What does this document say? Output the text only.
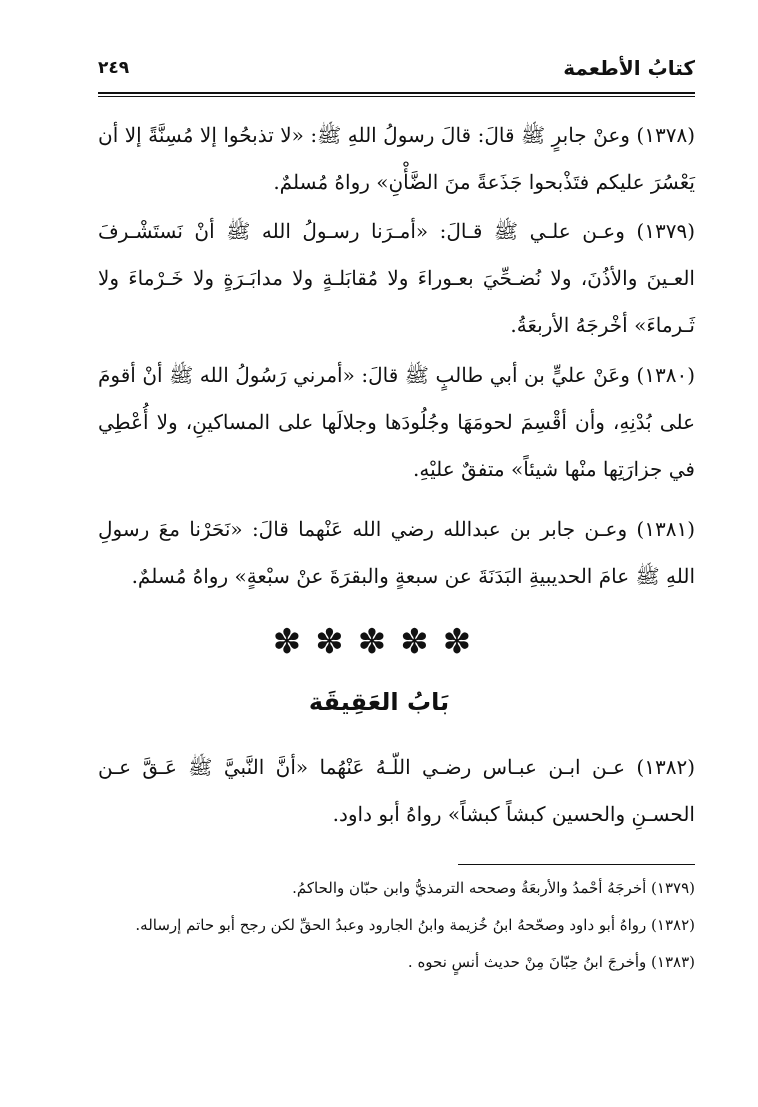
كتابُ الأطعمة
٢٤٩

(١٣٧٨) وعنْ جابرٍ ﷺ قالَ: قالَ رسولُ اللهِ ﷺ: «لا تذبحُوا إلا مُسِنَّةً إلا أن يَعْسُرَ عليكم فتَذْبحوا جَذَعةً منَ الضَّأْنِ» رواهُ مُسلمٌ.

(١٣٧٩) وعـن علـي ﷺ قـالَ: «أمـرَنا رسـولُ الله ﷺ أنْ نَستَشْـرفَ العـينَ والأذُنَ، ولا نُضـحِّيَ بعـوراءَ ولا مُقابَلـةٍ ولا مدابَـرَةٍ ولا خَـرْماءَ ولا ثَـرماءَ» أخْرجَهُ الأربعَةُ.

(١٣٨٠) وعَنْ عليٍّ بن أبي طالبٍ ﷺ قالَ: «أمرني رَسُولُ الله ﷺ أنْ أقومَ على بُدْنِهِ، وأن أقْسِمَ لحومَهَا وجُلُودَها وجلالَها على المساكينِ، ولا أُعْطِي في جزارَتِها منْها شيئاً» متفقٌ عليْهِ.

(١٣٨١) وعـن جابر بن عبدالله رضي الله عَنْهما قالَ: «نَحَرْنا معَ رسولِ اللهِ ﷺ عامَ الحديبيةِ البَدَنَةَ عن سبعةٍ والبقرَةَ عنْ سبْعةٍ» رواهُ مُسلمٌ.

✽✽✽✽✽
بَابُ العَقِيقَة

(١٣٨٢) عـن ابـن عبـاس رضـي اللّـهُ عَنْهُما «أنَّ النَّبيَّ ﷺ عَـقَّ عـن الحسـنِ والحسين كبشاً كبشاً» رواهُ أبو داود.

(١٣٧٩) أخرجَهُ أحْمدُ والأربعَةُ وصححه الترمذيُّ وابن حبّان والحاكمُ.

(١٣٨٢) رواهُ أبو داود وصحّحهُ ابنُ خُزيمة وابنُ الجارود وعبدُ الحقِّ لكن رجح أبو حاتم إرساله.

(١٣٨٣) وأخرجَ ابنُ حِبّانَ مِنْ حديث أنسٍ نحوه .
